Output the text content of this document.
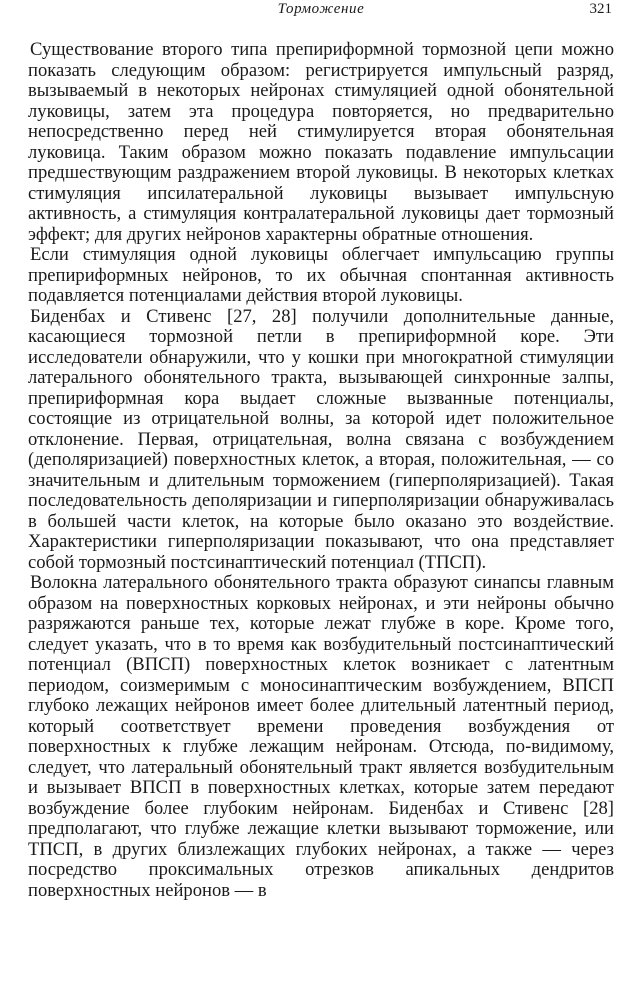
Торможение	321

Существование второго типа препириформной тормозной цепи можно показать следующим образом: регистрируется импульсный разряд, вызываемый в некоторых нейронах стимуляцией одной обонятельной луковицы, затем эта процедура повторяется, но предварительно непосредственно перед ней стимулируется вторая обонятельная луковица. Таким образом можно показать подавление импульсации предшествующим раздражением второй луковицы. В некоторых клетках стимуляция ипсилатеральной луковицы вызывает импульсную активность, а стимуляция контралатеральной луковицы дает тормозный эффект; для других нейронов характерны обратные отношения.

Если стимуляция одной луковицы облегчает импульсацию группы препириформных нейронов, то их обычная спонтанная активность подавляется потенциалами действия второй луковицы.

Биденбах и Стивенс [27, 28] получили дополнительные данные, касающиеся тормозной петли в препириформной коре. Эти исследователи обнаружили, что у кошки при многократной стимуляции латерального обонятельного тракта, вызывающей синхронные залпы, препириформная кора выдает сложные вызванные потенциалы, состоящие из отрицательной волны, за которой идет положительное отклонение. Первая, отрицательная, волна связана с возбуждением (деполяризацией) поверхностных клеток, а вторая, положительная, — со значительным и длительным торможением (гиперполяризацией). Такая последовательность деполяризации и гиперполяризации обнаруживалась в большей части клеток, на которые было оказано это воздействие. Характеристики гиперполяризации показывают, что она представляет собой тормозный постсинаптический потенциал (ТПСП).

Волокна латерального обонятельного тракта образуют синапсы главным образом на поверхностных корковых нейронах, и эти нейроны обычно разряжаются раньше тех, которые лежат глубже в коре. Кроме того, следует указать, что в то время как возбудительный постсинаптический потенциал (ВПСП) поверхностных клеток возникает с латентным периодом, соизмеримым с моносинаптическим возбуждением, ВПСП глубоко лежащих нейронов имеет более длительный латентный период, который соответствует времени проведения возбуждения от поверхностных к глубже лежащим нейронам. Отсюда, по-видимому, следует, что латеральный обонятельный тракт является возбудительным и вызывает ВПСП в поверхностных клетках, которые затем передают возбуждение более глубоким нейронам. Биденбах и Стивенс [28] предполагают, что глубже лежащие клетки вызывают торможение, или ТПСП, в других близлежащих глубоких нейронах, а также — через посредство проксимальных отрезков апикальных дендритов поверхностных нейронов — в
